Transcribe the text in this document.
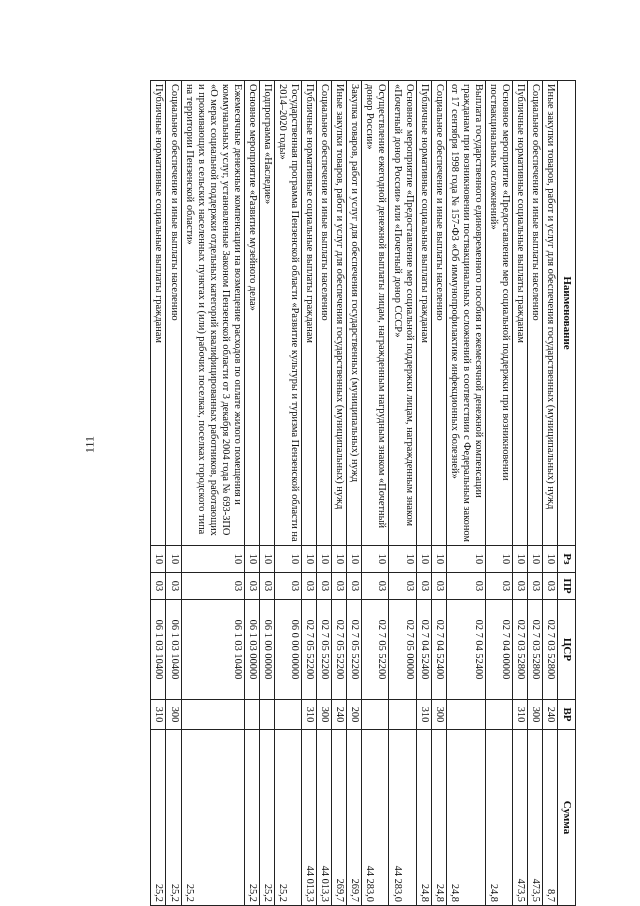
111
Наименование	Рз	ПР	ЦСР	ВР	Сумма
Иные закупки товаров, работ и услуг для обеспечения государственных (муниципальных) нужд	10	03	02 7 03 52800	240	8,7
Социальное обеспечение и иные выплаты населению	10	03	02 7 03 52800	300	473,5
Публичные нормативные социальные выплаты гражданам	10	03	02 7 03 52800	310	473,5
Основное мероприятие «Предоставление мер социальной поддержки при возникновении поствакцинальных осложнений»	10	03	02 7 04 00000		24,8
Выплата государственного единовременного пособия и ежемесячной денежной компенсации гражданам при возникновении поствакцинальных осложнений в соответствии с Федеральным законом от 17 сентября 1998 года № 157-ФЗ «Об иммунопрофилактике инфекционных болезней»	10	03	02 7 04 52400		24,8
Социальное обеспечение и иные выплаты населению	10	03	02 7 04 52400	300	24,8
Публичные нормативные социальные выплаты гражданам	10	03	02 7 04 52400	310	24,8
Основное мероприятие «Предоставление мер социальной поддержки лицам, награжденным знаком «Почетный донор России» или «Почетный донор СССР»	10	03	02 7 05 00000		44 283,0
Осуществление ежегодной денежной выплаты лицам, награжденным нагрудным знаком «Почетный донор России»	10	03	02 7 05 52200		44 283,0
Закупка товаров, работ и услуг для обеспечения государственных (муниципальных) нужд	10	03	02 7 05 52200	200	269,7
Иные закупки товаров, работ и услуг для обеспечения государственных (муниципальных) нужд	10	03	02 7 05 52200	240	269,7
Социальное обеспечение и иные выплаты населению	10	03	02 7 05 52200	300	44 013,3
Публичные нормативные социальные выплаты гражданам	10	03	02 7 05 52200	310	44 013,3
Государственная программа Пензенской области «Развитие культуры и туризма Пензенской области на 2014–2020 годы»	10	03	06 0 00 00000		25,2
Подпрограмма «Наследие»	10	03	06 1 00 00000		25,2
Основное мероприятие «Развитие музейного дела»	10	03	06 1 03 00000		25,2
Ежемесячные денежные компенсации на возмещение расходов по оплате жилого помещения и коммунальных услуг, установленные Законом Пензенской области от 3 декабря 2004 года № 693-ЗПО «О мерах социальной поддержки отдельных категорий квалифицированных работников, работающих и проживающих в сельских населенных пунктах и (или) рабочих поселках, поселках городского типа на территории Пензенской области»	10	03	06 1 03 10400		25,2
Социальное обеспечение и иные выплаты населению	10	03	06 1 03 10400	300	25,2
Публичные нормативные социальные выплаты гражданам	10	03	06 1 03 10400	310	25,2
